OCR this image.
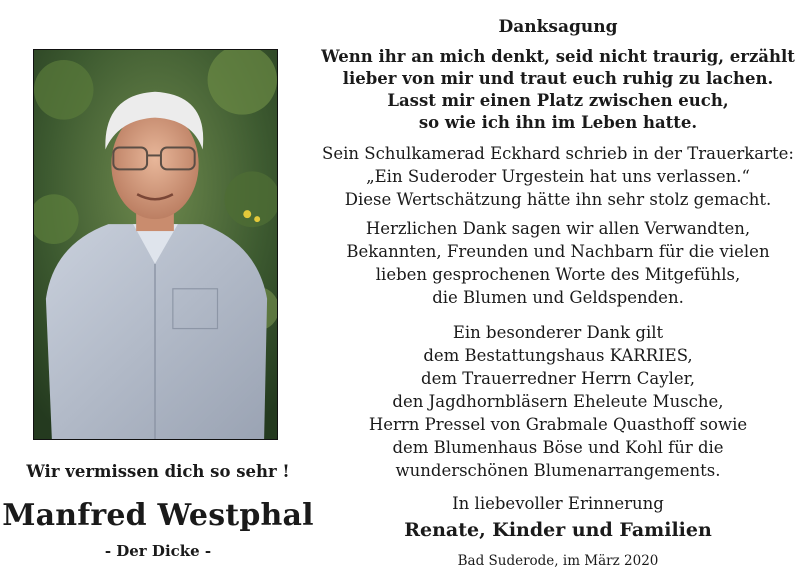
Wir vermissen dich so sehr !
Manfred Westphal
- Der Dicke -
Danksagung
Wenn ihr an mich denkt, seid nicht traurig, erzählt
lieber von mir und traut euch ruhig zu lachen.
Lasst mir einen Platz zwischen euch,
so wie ich ihn im Leben hatte.
Sein Schulkamerad Eckhard schrieb in der Trauerkarte:
„Ein Suderoder Urgestein hat uns verlassen.“
Diese Wertschätzung hätte ihn sehr stolz gemacht.
Herzlichen Dank sagen wir allen Verwandten,
Bekannten, Freunden und Nachbarn für die vielen
lieben gesprochenen Worte des Mitgefühls,
die Blumen und Geldspenden.
Ein besonderer Dank gilt
dem Bestattungshaus KARRIES,
dem Trauerredner Herrn Cayler,
den Jagdhornbläsern Eheleute Musche,
Herrn Pressel von Grabmale Quasthoff sowie
dem Blumenhaus Böse und Kohl für die
wunderschönen Blumenarrangements.
In liebevoller Erinnerung
Renate, Kinder und Familien
Bad Suderode, im März 2020
